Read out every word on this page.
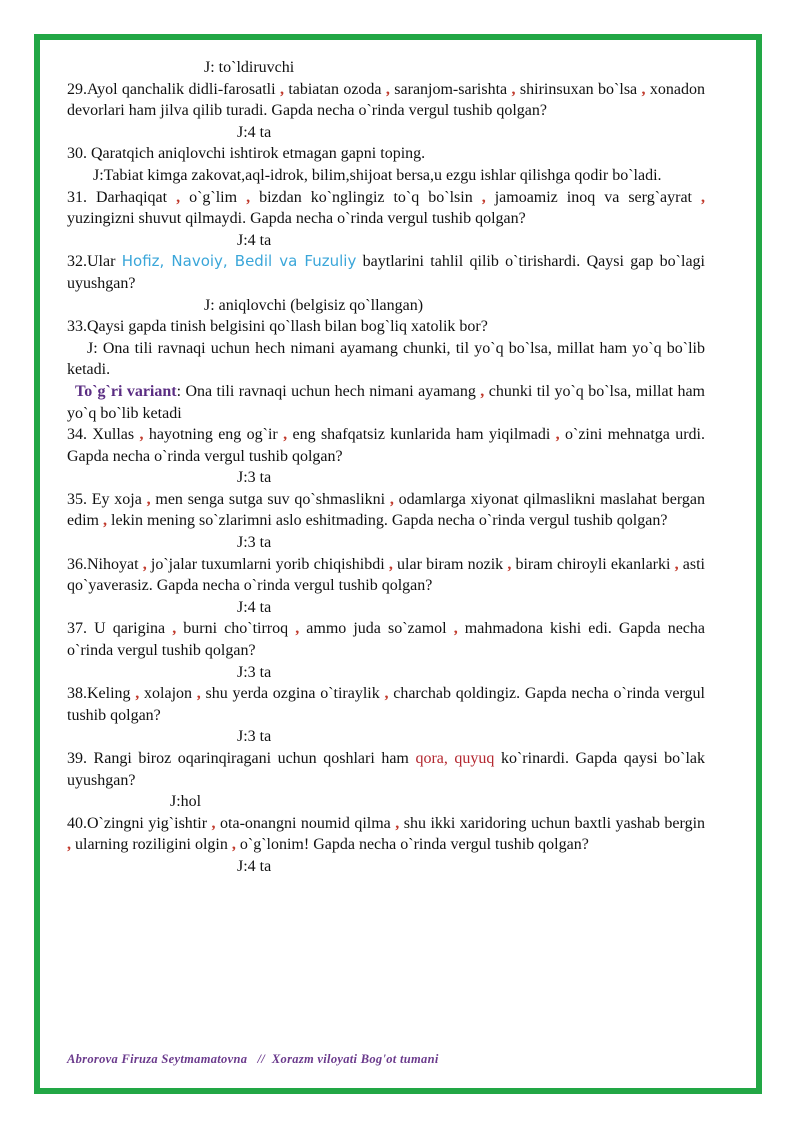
J: to`ldiruvchi

29.Ayol qanchalik didli-farosatli , tabiatan ozoda , saranjom-sarishta , shirinsuxan bo`lsa , xonadon devorlari ham jilva qilib turadi. Gapda necha o`rinda vergul tushib qolgan?

J:4 ta

30. Qaratqich aniqlovchi ishtirok etmagan gapni toping.

J:Tabiat kimga zakovat,aql-idrok, bilim,shijoat bersa,u ezgu ishlar qilishga qodir bo`ladi.

31. Darhaqiqat , o`g`lim , bizdan ko`nglingiz to`q bo`lsin , jamoamiz inoq va serg`ayrat , yuzingizni shuvut qilmaydi. Gapda necha o`rinda vergul tushib qolgan?

J:4 ta

32.Ular Hofiz, Navoiy, Bedil va Fuzuliy baytlarini tahlil qilib o`tirishardi. Qaysi gap bo`lagi uyushgan?

J: aniqlovchi (belgisiz qo`llangan)

33.Qaysi gapda tinish belgisini qo`llash bilan bog`liq xatolik bor?

J: Ona tili ravnaqi uchun hech nimani ayamang chunki, til yo`q bo`lsa, millat ham yo`q bo`lib ketadi.

To`g`ri variant: Ona tili ravnaqi uchun hech nimani ayamang , chunki til yo`q bo`lsa, millat ham yo`q bo`lib ketadi

34. Xullas , hayotning eng og`ir , eng shafqatsiz kunlarida ham yiqilmadi , o`zini mehnatga urdi. Gapda necha o`rinda vergul tushib qolgan?

J:3 ta

35. Ey xoja , men senga sutga suv qo`shmaslikni , odamlarga xiyonat qilmaslikni maslahat bergan edim , lekin mening so`zlarimni aslo eshitmading. Gapda necha o`rinda vergul tushib qolgan?

J:3 ta

36.Nihoyat , jo`jalar tuxumlarni yorib chiqishibdi , ular biram nozik , biram chiroyli ekanlarki , asti qo`yaverasiz. Gapda necha o`rinda vergul tushib qolgan?

J:4 ta

37. U qarigina , burni cho`tirroq , ammo juda so`zamol , mahmadona kishi edi. Gapda necha o`rinda vergul tushib qolgan?

J:3 ta

38.Keling , xolajon , shu yerda ozgina o`tiraylik , charchab qoldingiz. Gapda necha o`rinda vergul tushib qolgan?

J:3 ta

39. Rangi biroz oqarinqiragani uchun qoshlari ham qora, quyuq ko`rinardi. Gapda qaysi bo`lak uyushgan?

J:hol

40.O`zingni yig`ishtir , ota-onangni noumid qilma , shu ikki xaridoring uchun baxtli yashab bergin , ularning roziligini olgin , o`g`lonim! Gapda necha o`rinda vergul tushib qolgan?

J:4 ta

Abrorova Firuza Seytmamatovna   //  Xorazm viloyati Bog'ot tumani
